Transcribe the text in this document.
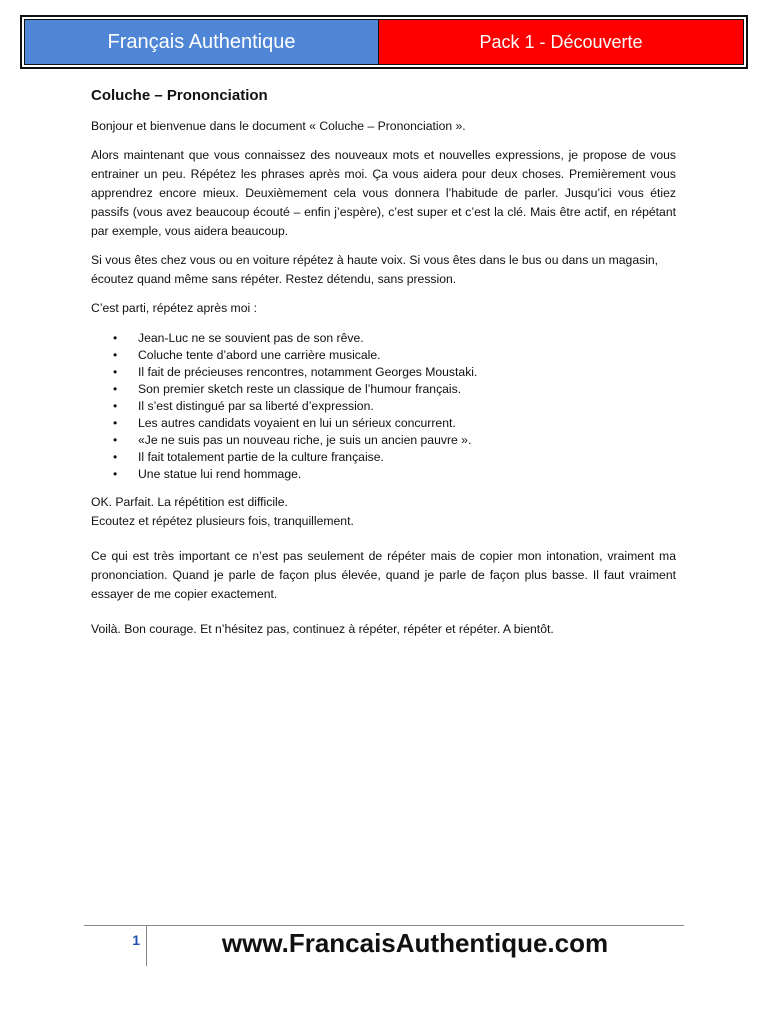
Français Authentique	Pack 1 - Découverte
Coluche – Prononciation

Bonjour et bienvenue dans le document « Coluche – Prononciation ».

Alors maintenant que vous connaissez des nouveaux mots et nouvelles expressions, je propose de vous entrainer un peu. Répétez les phrases après moi. Ça vous aidera pour deux choses. Premièrement vous apprendrez encore mieux. Deuxièmement cela vous donnera l’habitude de parler. Jusqu’ici vous étiez passifs (vous avez beaucoup écouté – enfin j’espère), c’est super et c’est la clé. Mais être actif, en répétant par exemple, vous aidera beaucoup.

Si vous êtes chez vous ou en voiture répétez à haute voix. Si vous êtes dans le bus ou dans un magasin, écoutez quand même sans répéter. Restez détendu, sans pression.

C’est parti, répétez après moi :

•	Jean-Luc ne se souvient pas de son rêve.
•	Coluche tente d’abord une carrière musicale.
•	Il fait de précieuses rencontres, notamment Georges Moustaki.
•	Son premier sketch reste un classique de l’humour français.
•	Il s’est distingué par sa liberté d’expression.
•	Les autres candidats voyaient en lui un sérieux concurrent.
•	«Je ne suis pas un nouveau riche, je suis un ancien pauvre ».
•	Il fait totalement partie de la culture française.
•	Une statue lui rend hommage.

OK. Parfait. La répétition est difficile.

Ecoutez et répétez plusieurs fois, tranquillement.

Ce qui est très important ce n’est pas seulement de répéter mais de copier mon intonation, vraiment ma prononciation. Quand je parle de façon plus élevée, quand je parle de façon plus basse. Il faut vraiment essayer de me copier exactement.

Voilà. Bon courage. Et n’hésitez pas, continuez à répéter, répéter et répéter. A bientôt.

1	www.FrancaisAuthentique.com
